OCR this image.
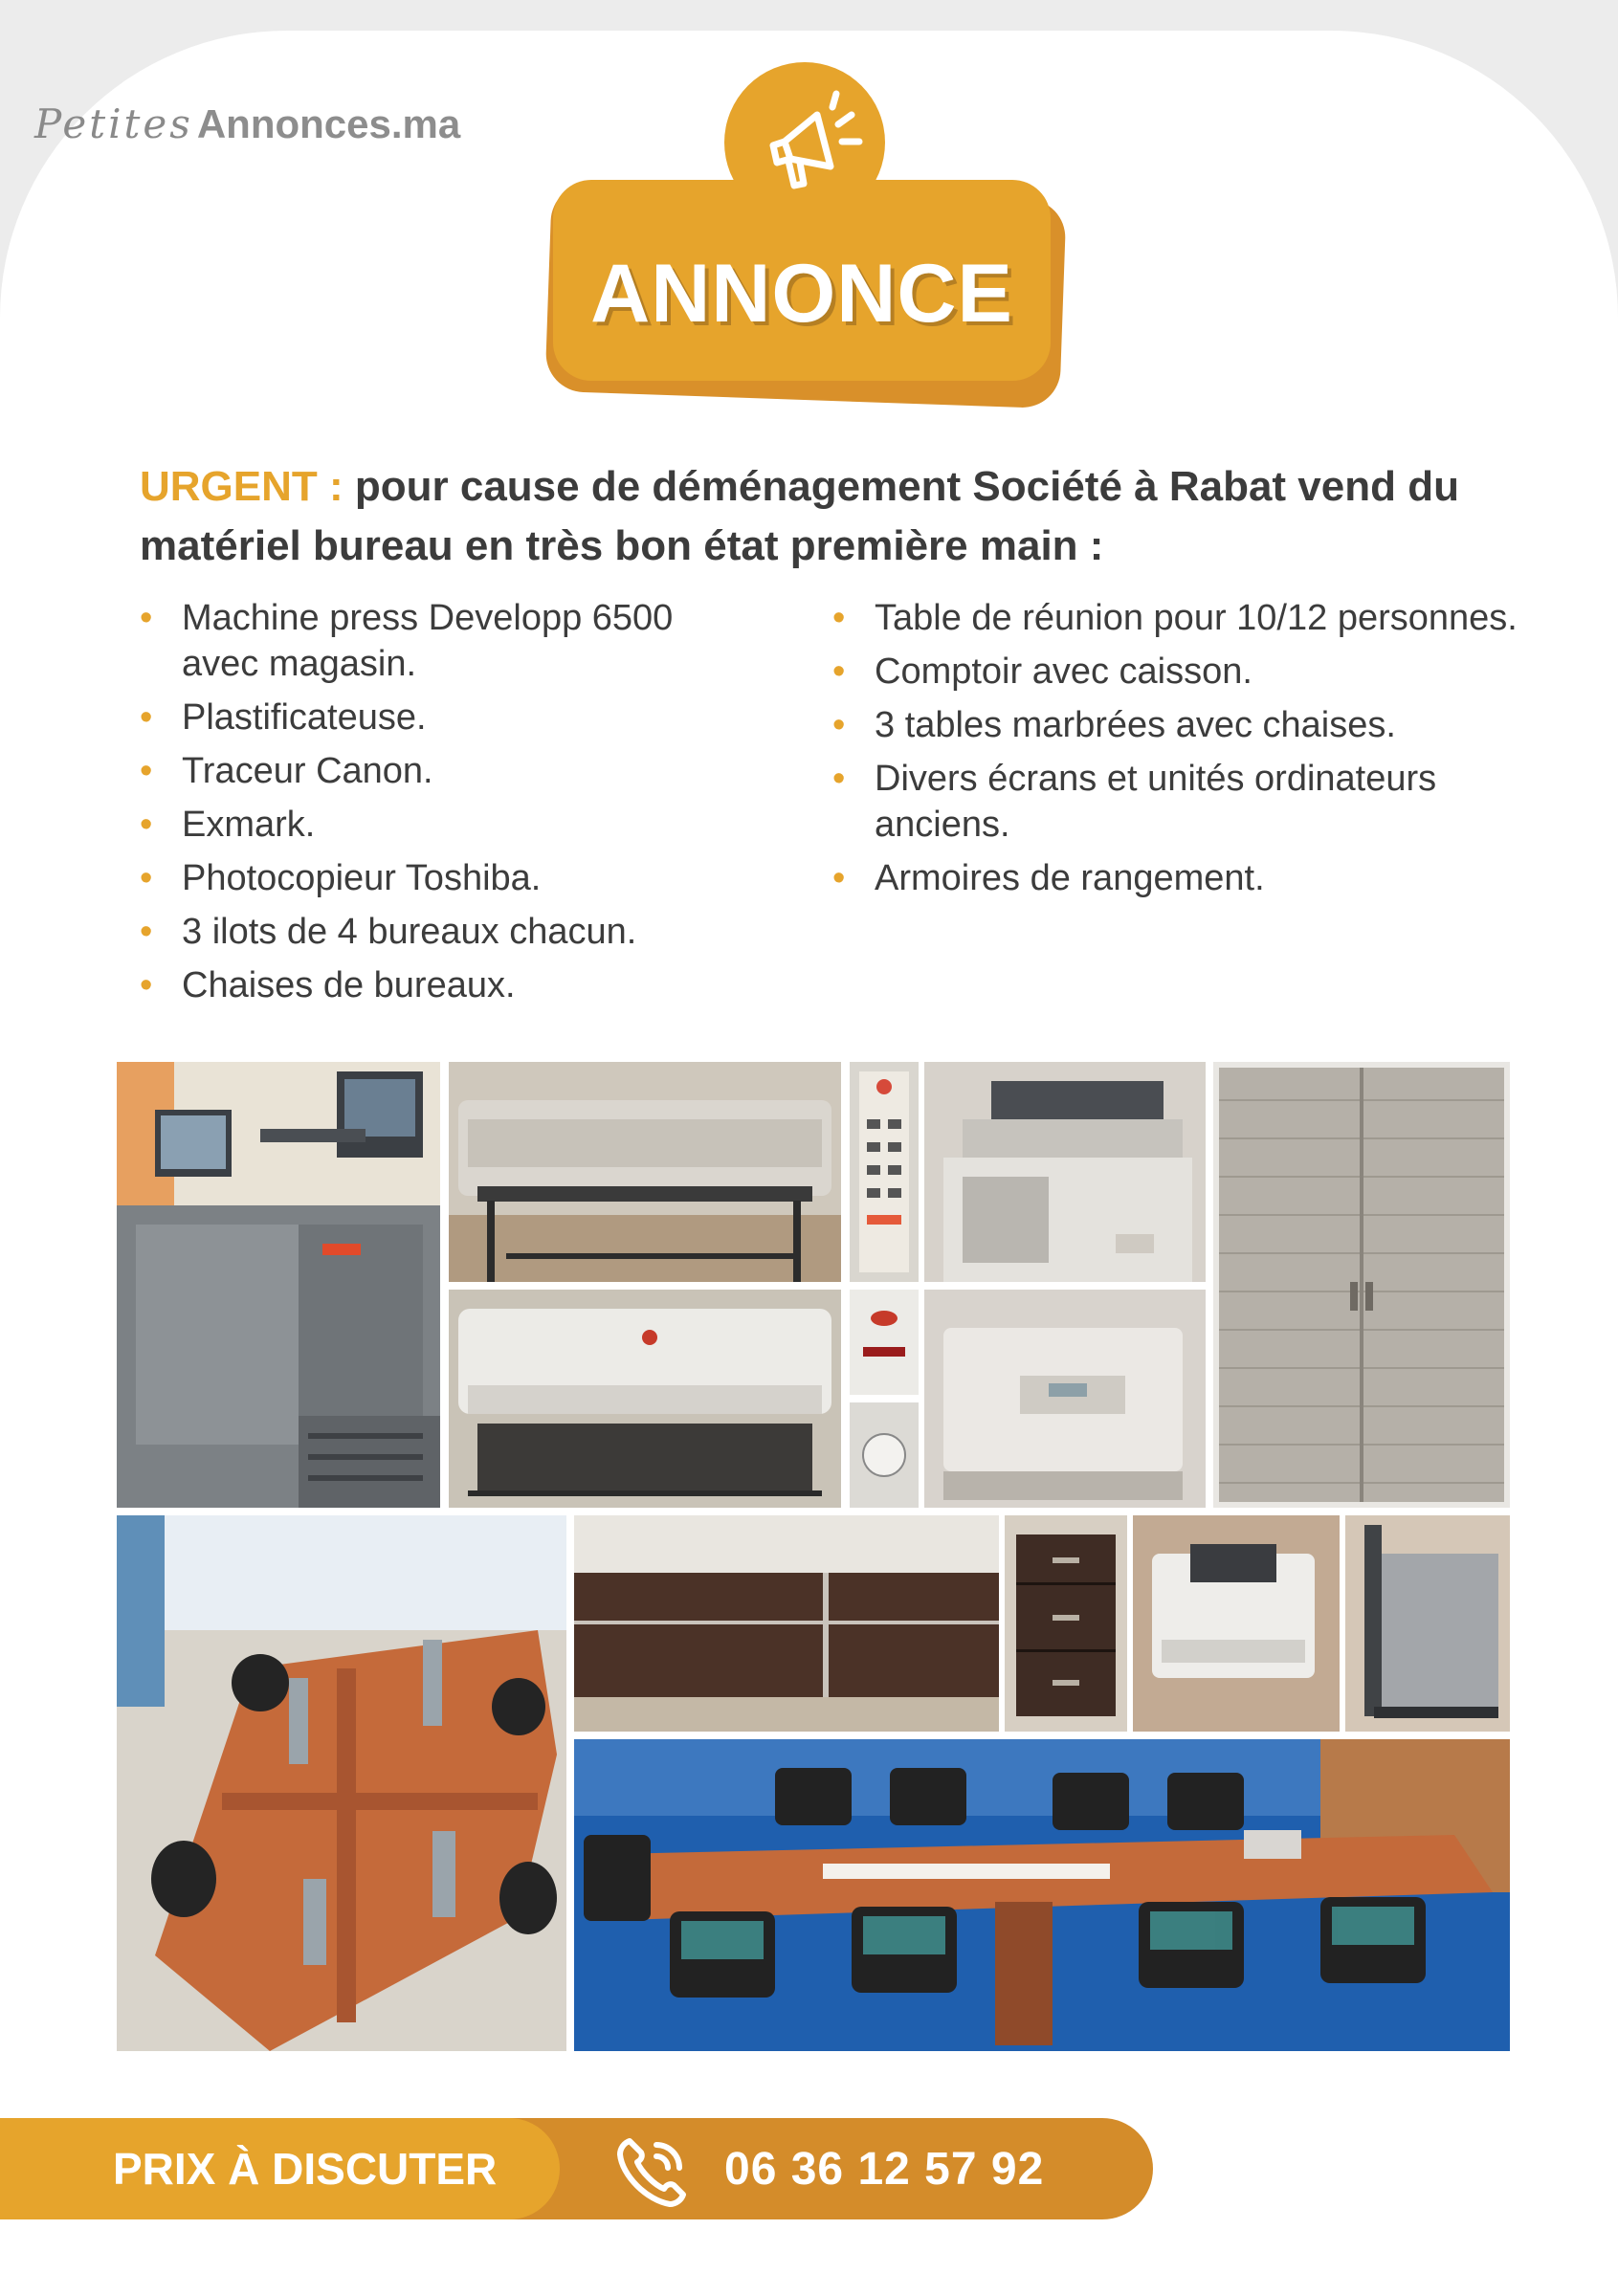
PetitesAnnonces.ma
ANNONCE
URGENT : pour cause de déménagement Société à Rabat vend du matériel bureau en très bon état première main :
• Machine press Developp 6500 avec magasin.
• Plastificateuse.
• Traceur Canon.
• Exmark.
• Photocopieur Toshiba.
• 3 ilots de 4 bureaux chacun.
• Chaises de bureaux.
• Table de réunion pour 10/12 personnes.
• Comptoir avec caisson.
• 3 tables marbrées avec chaises.
• Divers écrans et unités ordinateurs anciens.
• Armoires de rangement.
PRIX À DISCUTER	06 36 12 57 92
